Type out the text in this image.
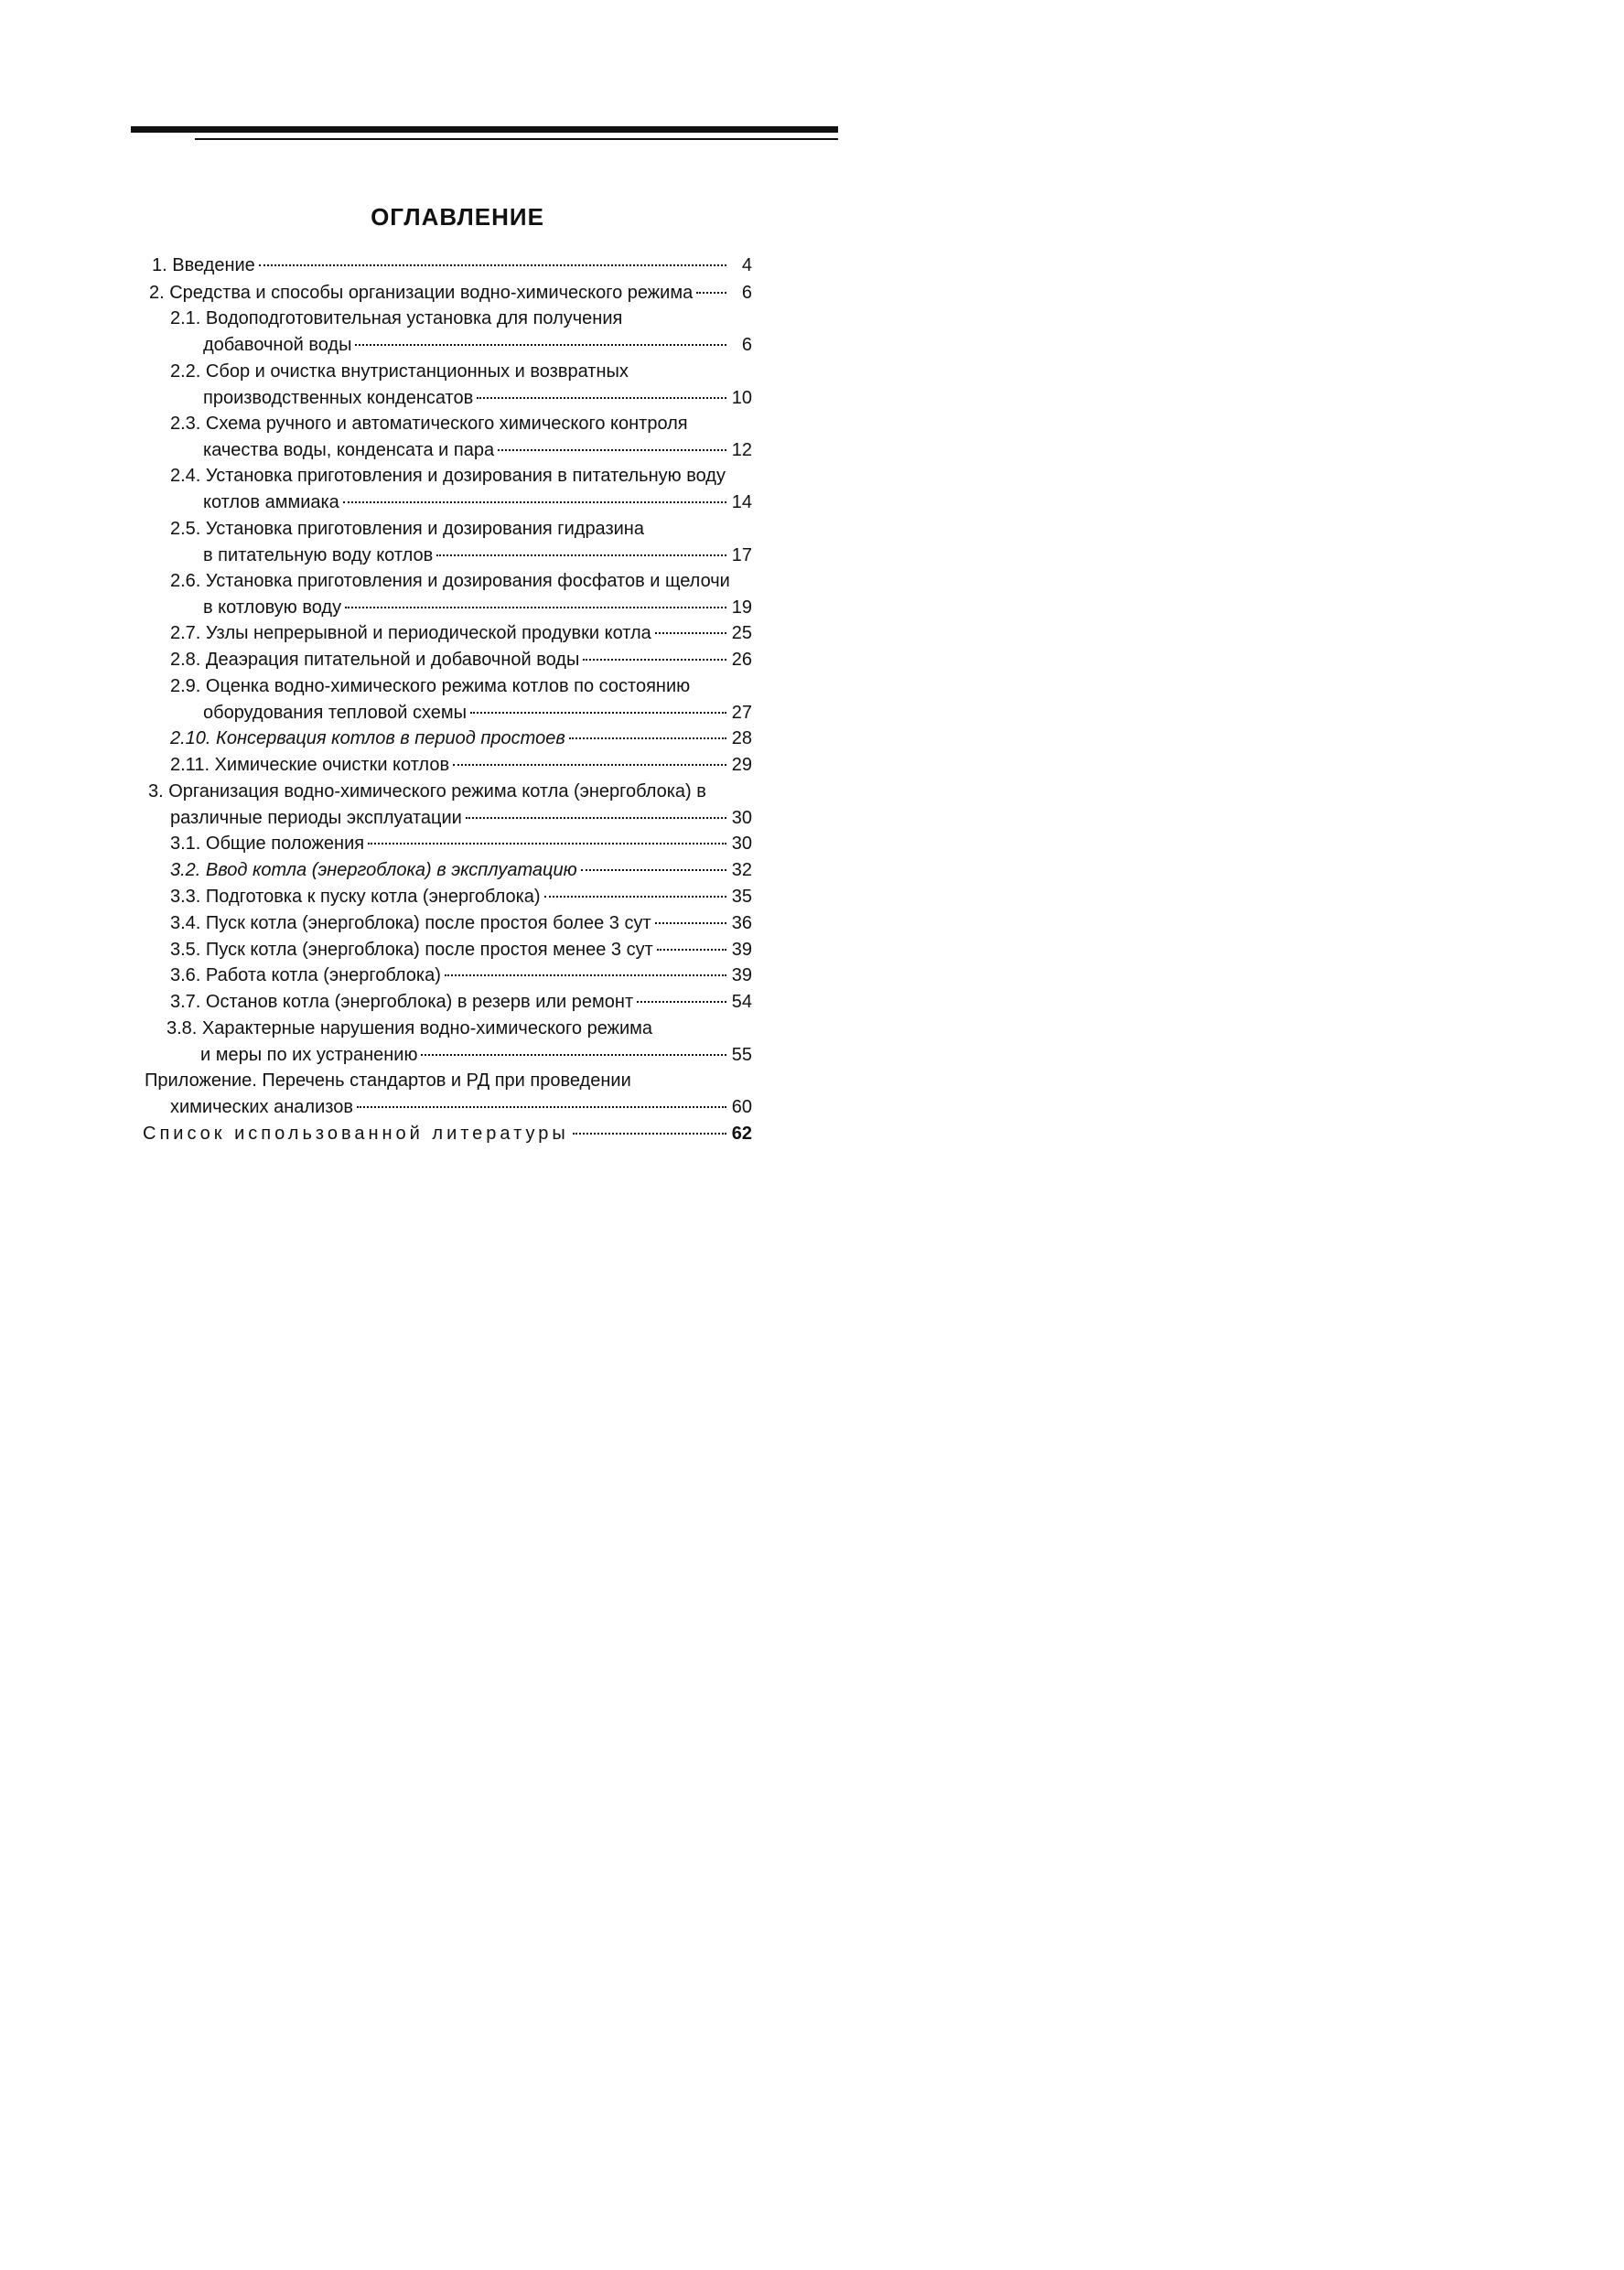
ОГЛАВЛЕНИЕ
1. Введение	4
2. Средства и способы организации водно-химического режима	6
2.1. Водоподготовительная установка для получения
добавочной воды	6
2.2. Сбор и очистка внутристанционных и возвратных
производственных конденсатов	10
2.3. Схема ручного и автоматического химического контроля
качества воды, конденсата и пара	12
2.4. Установка приготовления и дозирования в питательную воду
котлов аммиака	14
2.5. Установка приготовления и дозирования гидразина
в питательную воду котлов	17
2.6. Установка приготовления и дозирования фосфатов и щелочи
в котловую воду	19
2.7. Узлы непрерывной и периодической продувки котла	25
2.8. Деаэрация питательной и добавочной воды	26
2.9. Оценка водно-химического режима котлов по состоянию
оборудования тепловой схемы	27
2.10. Консервация котлов в период простоев	28
2.11. Химические очистки котлов	29
3. Организация водно-химического режима котла (энергоблока) в
различные периоды эксплуатации	30
3.1. Общие положения	30
3.2. Ввод котла (энергоблока) в эксплуатацию	32
3.3. Подготовка к пуску котла (энергоблока)	35
3.4. Пуск котла (энергоблока) после простоя более 3 сут	36
3.5. Пуск котла (энергоблока) после простоя менее 3 сут	39
3.6. Работа котла (энергоблока)	39
3.7. Останов котла (энергоблока) в резерв или ремонт	54
3.8. Характерные нарушения водно-химического режима
и меры по их устранению	55
Приложение. Перечень стандартов и РД при проведении
химических анализов	60
Список использованной литературы	62
